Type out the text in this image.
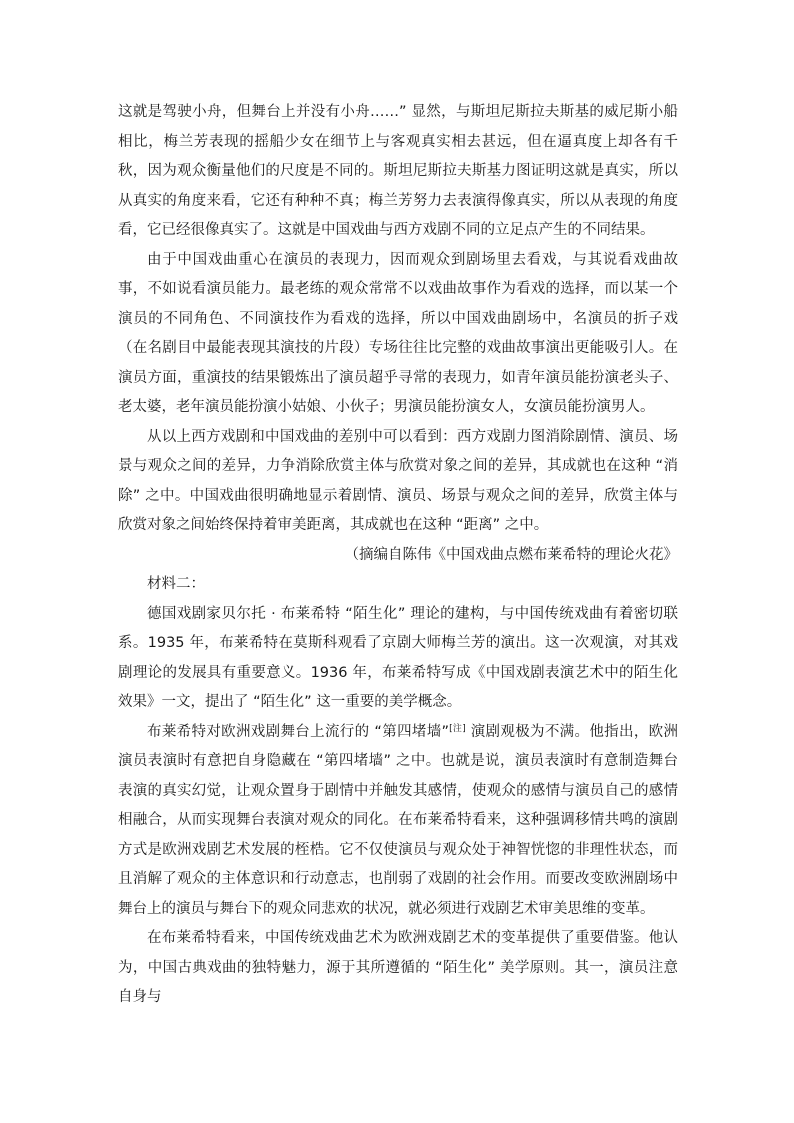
这就是驾驶小舟，但舞台上并没有小舟……” 显然，与斯坦尼斯拉夫斯基的威尼斯小船相比，梅兰芳表现的摇船少女在细节上与客观真实相去甚远，但在逼真度上却各有千秋，因为观众衡量他们的尺度是不同的。斯坦尼斯拉夫斯基力图证明这就是真实，所以从真实的角度来看，它还有种种不真；梅兰芳努力去表演得像真实，所以从表现的角度看，它已经很像真实了。这就是中国戏曲与西方戏剧不同的立足点产生的不同结果。

由于中国戏曲重心在演员的表现力，因而观众到剧场里去看戏，与其说看戏曲故事，不如说看演员能力。最老练的观众常常不以戏曲故事作为看戏的选择，而以某一个演员的不同角色、不同演技作为看戏的选择，所以中国戏曲剧场中，名演员的折子戏（在名剧目中最能表现其演技的片段）专场往往比完整的戏曲故事演出更能吸引人。在演员方面，重演技的结果锻炼出了演员超乎寻常的表现力，如青年演员能扮演老头子、老太婆，老年演员能扮演小姑娘、小伙子；男演员能扮演女人，女演员能扮演男人。

从以上西方戏剧和中国戏曲的差别中可以看到：西方戏剧力图消除剧情、演员、场景与观众之间的差异，力争消除欣赏主体与欣赏对象之间的差异，其成就也在这种 “消除” 之中。中国戏曲很明确地显示着剧情、演员、场景与观众之间的差异，欣赏主体与欣赏对象之间始终保持着审美距离，其成就也在这种 “距离” 之中。

（摘编自陈伟《中国戏曲点燃布莱希特的理论火花》

材料二：

德国戏剧家贝尔托 · 布莱希特 “陌生化” 理论的建构，与中国传统戏曲有着密切联系。1935 年，布莱希特在莫斯科观看了京剧大师梅兰芳的演出。这一次观演，对其戏剧理论的发展具有重要意义。1936 年，布莱希特写成《中国戏剧表演艺术中的陌生化效果》一文，提出了 “陌生化” 这一重要的美学概念。

布莱希特对欧洲戏剧舞台上流行的 “第四堵墙”[注] 演剧观极为不满。他指出，欧洲演员表演时有意把自身隐藏在 “第四堵墙” 之中。也就是说，演员表演时有意制造舞台表演的真实幻觉，让观众置身于剧情中并触发其感情，使观众的感情与演员自己的感情相融合，从而实现舞台表演对观众的同化。在布莱希特看来，这种强调移情共鸣的演剧方式是欧洲戏剧艺术发展的桎梏。它不仅使演员与观众处于神智恍惚的非理性状态，而且消解了观众的主体意识和行动意志，也削弱了戏剧的社会作用。而要改变欧洲剧场中舞台上的演员与舞台下的观众同悲欢的状况，就必须进行戏剧艺术审美思维的变革。

在布莱希特看来，中国传统戏曲艺术为欧洲戏剧艺术的变革提供了重要借鉴。他认为，中国古典戏曲的独特魅力，源于其所遵循的 “陌生化” 美学原则。其一，演员注意自身与
